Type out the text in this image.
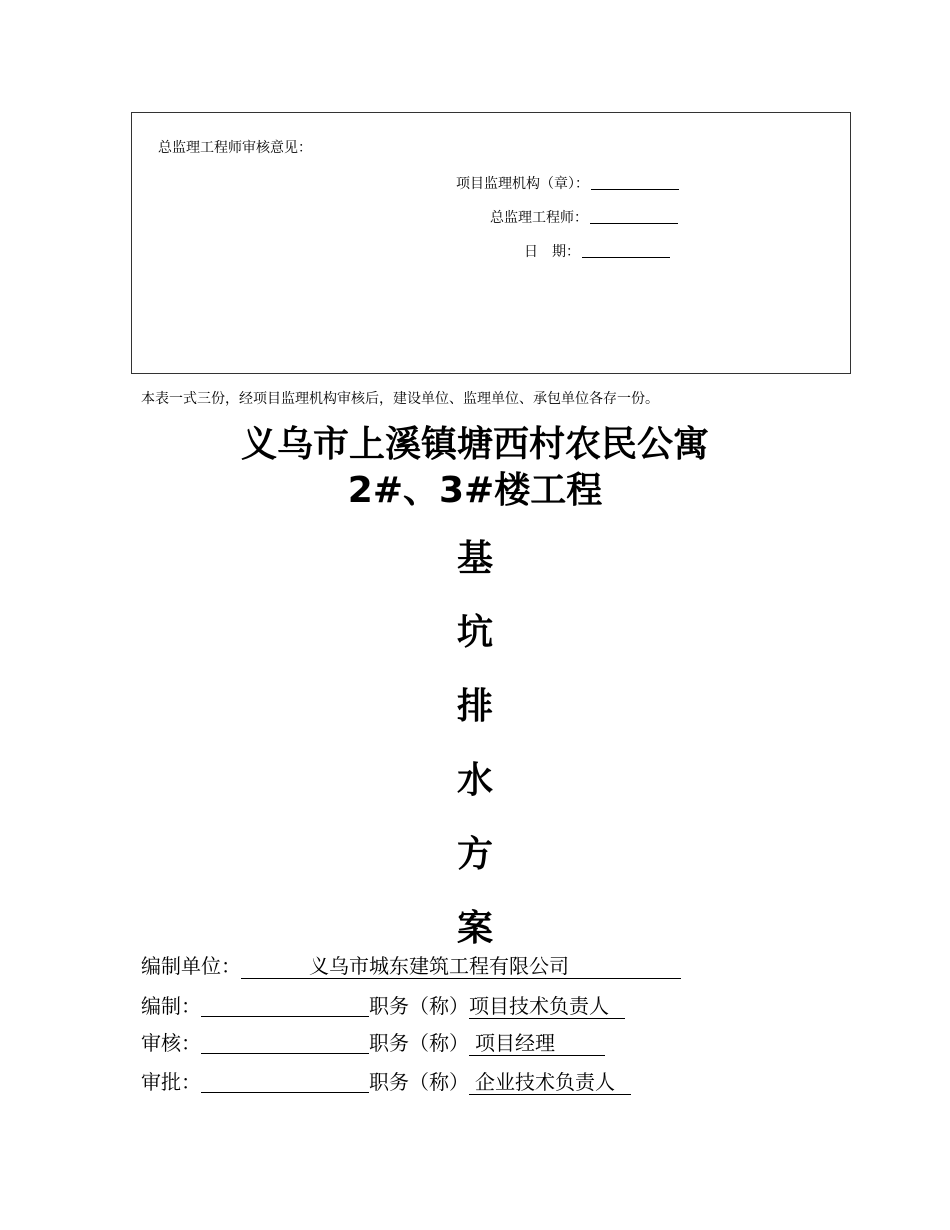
总监理工程师审核意见：
项目监理机构（章）：
总监理工程师：
日　期：
本表一式三份，经项目监理机构审核后，建设单位、监理单位、承包单位各存一份。
义乌市上溪镇塘西村农民公寓
2#、3#楼工程
基
坑
排
水
方
案
编制单位：	义乌市城东建筑工程有限公司
编制：	职务（称）项目技术负责人
审核：	职务（称） 项目经理
审批：	职务（称） 企业技术负责人
